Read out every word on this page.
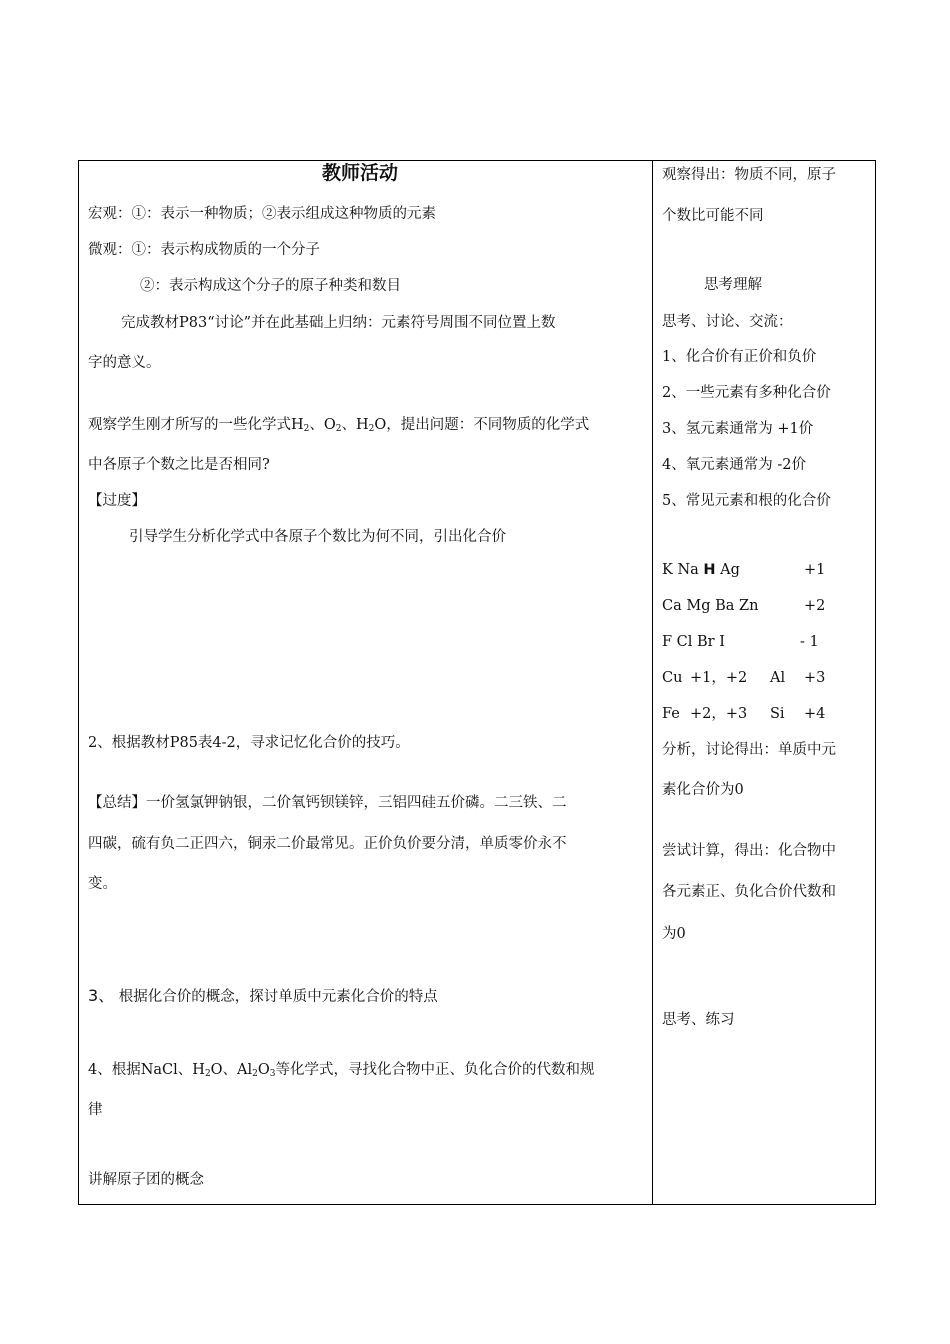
教师活动
宏观：①：表示一种物质；②表示组成这种物质的元素
微观：①：表示构成物质的一个分子
②：表示构成这个分子的原子种类和数目
完成教材P83“讨论”并在此基础上归纳：元素符号周围不同位置上数
字的意义。
观察学生刚才所写的一些化学式$H_2$、$O_2$、$H_2O$，提出问题：不同物质的化学式
中各原子个数之比是否相同?
【过度】
引导学生分析化学式中各原子个数比为何不同，引出化合价
2、根据教材P85表4-2，寻求记忆化合价的技巧。
【总结】一价氢氯钾钠银，二价氧钙钡镁锌，三铝四硅五价磷。二三铁、二
四碳，硫有负二正四六，铜汞二价最常见。正价负价要分清，单质零价永不
变。
3、 根据化合价的概念，探讨单质中元素化合价的特点
4、根据NaCl、$H_2O$、$Al_2O_3$等化学式，寻找化合物中正、负化合价的代数和规
律
讲解原子团的概念
观察得出：物质不同，原子
个数比可能不同
思考理解
思考、讨论、交流：
1、化合价有正价和负价
2、一些元素有多种化合价
3、氢元素通常为 +1价
4、氧元素通常为 -2价
5、常见元素和根的化合价
K Na H Ag	+1
Ca Mg Ba Zn	+2
F Cl Br I	- 1
Cu +1，+2 Al +3
Fe +2，+3 Si +4
分析，讨论得出：单质中元
素化合价为0
尝试计算，得出：化合物中
各元素正、负化合价代数和
为0
思考、练习
